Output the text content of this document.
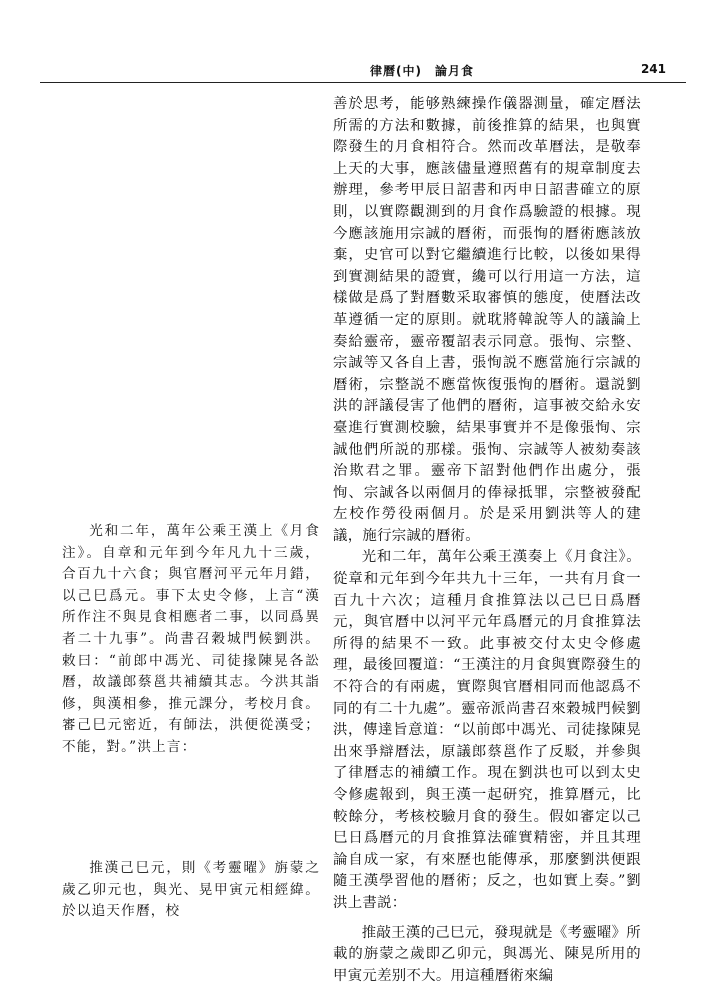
律曆(中)　論月食	241

善於思考，能够熟練操作儀器測量，確定曆法所需的方法和數據，前後推算的結果，也與實際發生的月食相符合。然而改革曆法，是敬奉上天的大事，應該儘量遵照舊有的規章制度去辦理，參考甲辰日詔書和丙申日詔書確立的原則，以實際觀測到的月食作爲驗證的根據。現今應該施用宗誠的曆術，而張恂的曆術應該放棄，史官可以對它繼續進行比較，以後如果得到實測結果的證實，纔可以行用這一方法，這樣做是爲了對曆數采取審慎的態度，使曆法改革遵循一定的原則。就耽將韓說等人的議論上奏給靈帝，靈帝覆詔表示同意。張恂、宗整、宗誠等又各自上書，張恂説不應當施行宗誠的曆術，宗整説不應當恢復張恂的曆術。還説劉洪的評議侵害了他們的曆術，這事被交給永安臺進行實測校驗，結果事實并不是像張恂、宗誠他們所説的那樣。張恂、宗誠等人被劾奏該治欺君之罪。靈帝下詔對他們作出處分，張恂、宗誠各以兩個月的俸禄抵罪，宗整被發配左校作勞役兩個月。於是采用劉洪等人的建議，施行宗誠的曆術。

光和二年，萬年公乘王漢奏上《月食注》。從章和元年到今年共九十三年，一共有月食一百九十六次；這種月食推算法以己巳日爲曆元，與官曆中以河平元年爲曆元的月食推算法所得的結果不一致。此事被交付太史令修處理，最後回覆道：“王漢注的月食與實際發生的不符合的有兩處，實際與官曆相同而他認爲不同的有二十九處”。靈帝派尚書召來穀城門候劉洪，傳達旨意道：“以前郎中馮光、司徒掾陳晃出來爭辯曆法，原議郎蔡邕作了反駁，并參與了律曆志的補續工作。現在劉洪也可以到太史令修處報到，與王漢一起研究，推算曆元，比較餘分，考核校驗月食的發生。假如審定以己巳日爲曆元的月食推算法確實精密，并且其理論自成一家，有來歷也能傳承，那麼劉洪便跟隨王漢學習他的曆術；反之，也如實上奏。”劉洪上書説：

推敲王漢的己巳元，發現就是《考靈曜》所載的旃蒙之歲即乙卯元，與馮光、陳晃所用的甲寅元差别不大。用這種曆術來編

光和二年，萬年公乘王漢上《月食注》。自章和元年到今年凡九十三歲，合百九十六食；與官曆河平元年月錯，以己巳爲元。事下太史令修，上言“漢所作注不與見食相應者二事，以同爲異者二十九事”。尚書召穀城門候劉洪。敕曰：“前郎中馮光、司徒掾陳晃各訟曆，故議郎蔡邕共補續其志。今洪其詣修，與漢相參，推元課分，考校月食。審己巳元密近，有師法，洪便從漢受；不能，對。”洪上言：

推漢己巳元，則《考靈曜》旃蒙之歲乙卯元也，與光、晃甲寅元相經緯。於以追天作曆，校
